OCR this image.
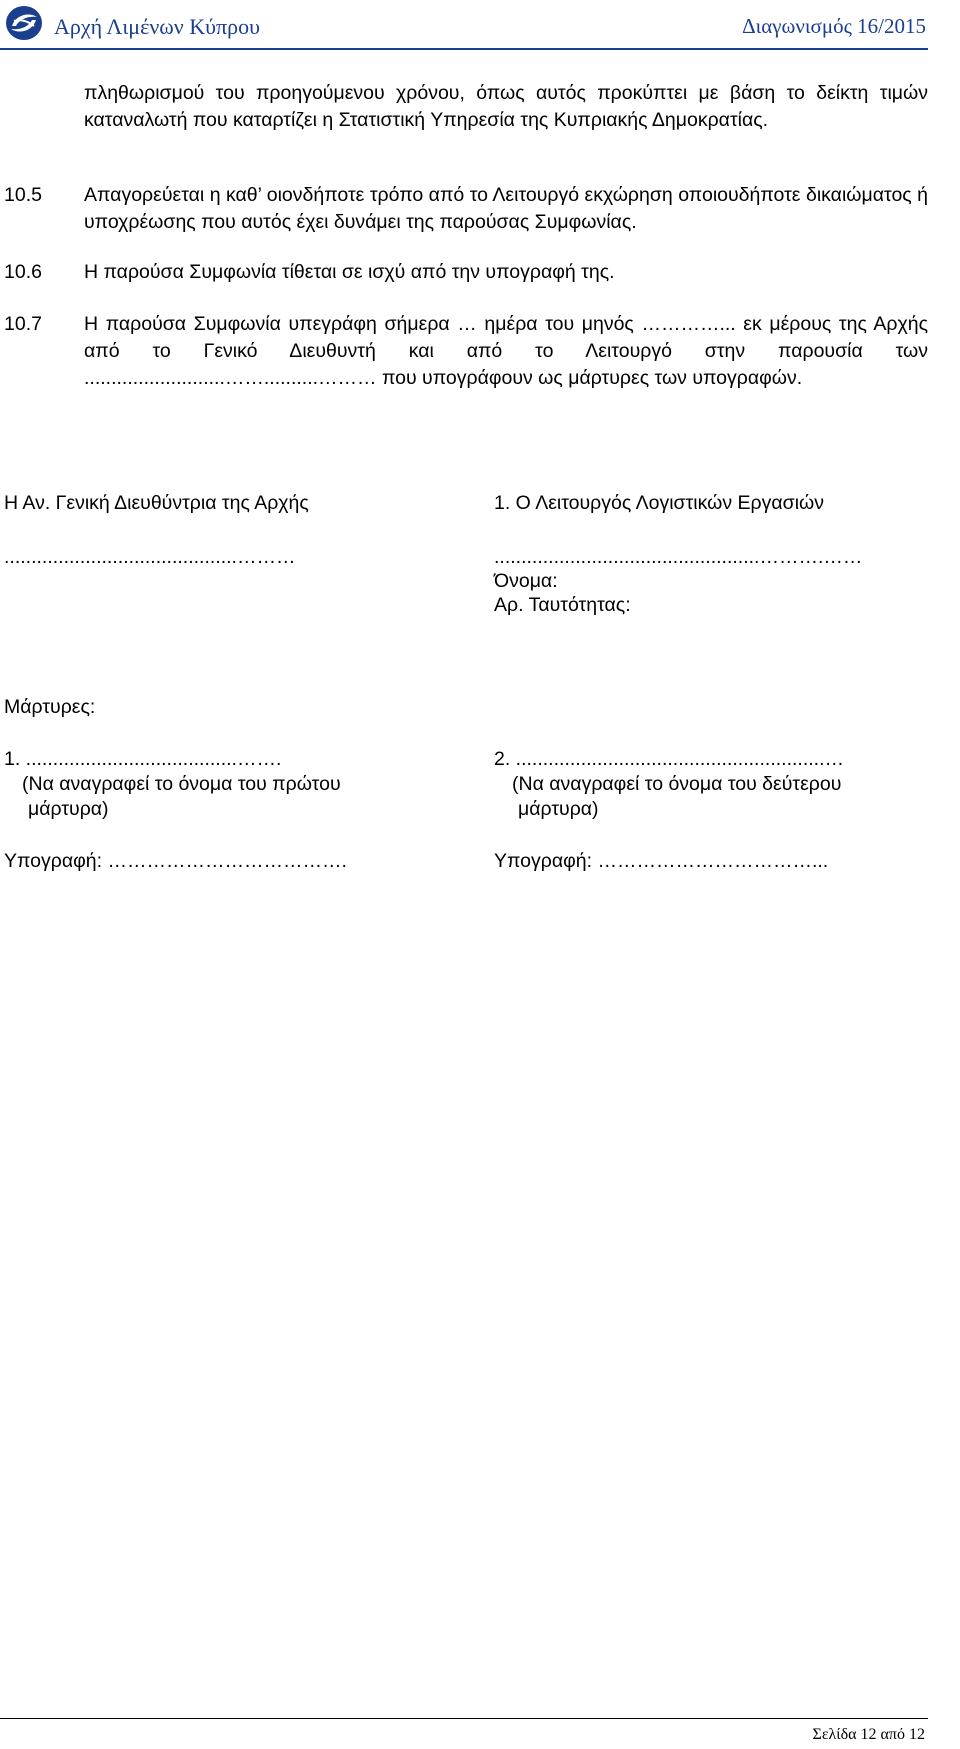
Αρχή Λιμένων Κύπρου	Διαγωνισμός 16/2015
πληθωρισμού του προηγούμενου χρόνου, όπως αυτός προκύπτει με βάση το δείκτη τιμών καταναλωτή που καταρτίζει η Στατιστική Υπηρεσία της Κυπριακής Δημοκρατίας.
10.5 Απαγορεύεται η καθ’ οιονδήποτε τρόπο από το Λειτουργό εκχώρηση οποιουδήποτε δικαιώματος ή υποχρέωσης που αυτός έχει δυνάμει της παρούσας Συμφωνίας.
10.6 Η παρούσα Συμφωνία τίθεται σε ισχύ από την υπογραφή της.
10.7 Η παρούσα Συμφωνία υπεγράφη σήμερα … ημέρα του μηνός …………... εκ μέρους της Αρχής από το Γενικό Διευθυντή και από το Λειτουργό στην παρουσία των ..........................……..........……… που υπογράφουν ως μάρτυρες των υπογραφών.
Η Αν. Γενική Διευθύντρια της Αρχής
...........................................………
1. Ο Λειτουργός Λογιστικών Εργασιών
.................................................……….……
Όνομα:
Αρ. Ταυτότητας:
Μάρτυρες:
1. .......................................…….
(Να αναγραφεί το όνομα του πρώτου
μάρτυρα)
Υπογραφή: ……………………………….
2. .........................................................…
(Να αναγραφεί το όνομα του δεύτερου
μάρτυρα)
Υπογραφή: ……………………………...
Σελίδα 12 από 12
